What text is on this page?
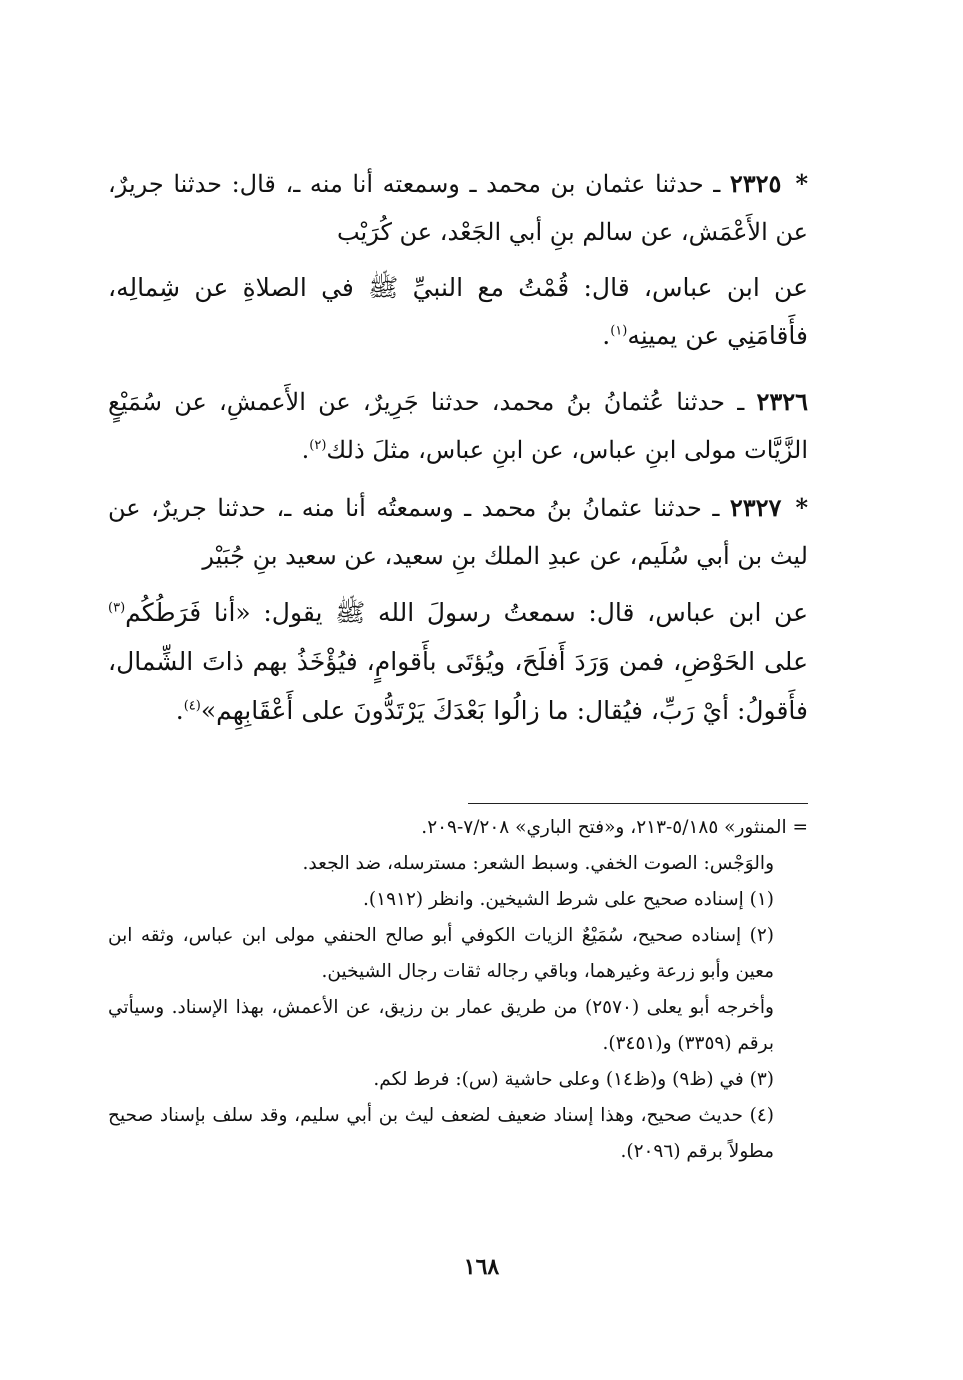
*٢٣٢٥ ـ حدثنا عثمان بن محمد ـ وسمعته أنا منه ـ، قال: حدثنا جريرٌ، عن الأَعْمَش، عن سالم بنِ أبي الجَعْد، عن كُرَيْب
عن ابن عباس، قال: قُمْتُ مع النبيِّ ﷺ في الصلاةِ عن شِمالِه، فأَقامَنِي عن يمينِه$^{(١)}$.
٢٣٢٦ ـ حدثنا عُثمانُ بنُ محمد، حدثنا جَرِيرٌ، عن الأَعمشِ، عن سُمَيْعٍ الزَّيَّات مولى ابنِ عباس، عن ابنِ عباس، مثلَ ذلك$^{(٢)}$.
*٢٣٢٧ ـ حدثنا عثمانُ بنُ محمد ـ وسمعتُه أنا منه ـ، حدثنا جريرٌ، عن ليث بن أبي سُلَيم، عن عبدِ الملك بنِ سعيد، عن سعيد بنِ جُبَيْر
عن ابن عباس، قال: سمعتُ رسولَ الله ﷺ يقول: «أنا فَرَطُكُم$^{(٣)}$ على الحَوْضِ، فمن وَرَدَ أَفلَحَ، ويُؤتَى بأَقوامٍ، فيُؤْخَذُ بهم ذاتَ الشِّمال، فأَقولُ: أيْ رَبِّ، فيُقال: ما زالُوا بَعْدَكَ يَرْتَدُّونَ على أَعْقَابِهِم»$^{(٤)}$.

= المنثور» ٥/١٨٥-٢١٣، و«فتح الباري» ٧/٢٠٨-٢٠٩.

والوَجْس: الصوت الخفي. وسبط الشعر: مسترسله، ضد الجعد.

(١) إسناده صحيح على شرط الشيخين. وانظر (١٩١٢).

(٢) إسناده صحيح، سُمَيْعٌ الزيات الكوفي أبو صالح الحنفي مولى ابن عباس، وثقه ابن معين وأبو زرعة وغيرهما، وباقي رجاله ثقات رجال الشيخين.

وأخرجه أبو يعلى (٢٥٧٠) من طريق عمار بن رزيق، عن الأعمش، بهذا الإسناد. وسيأتي برقم (٣٣٥٩) و(٣٤٥١).

(٣) في (ظ٩) و(ظ١٤) وعلى حاشية (س): فرط لكم.

(٤) حديث صحيح، وهذا إسناد ضعيف لضعف ليث بن أبي سليم، وقد سلف بإسناد صحيح مطولاً برقم (٢٠٩٦).

١٦٨
